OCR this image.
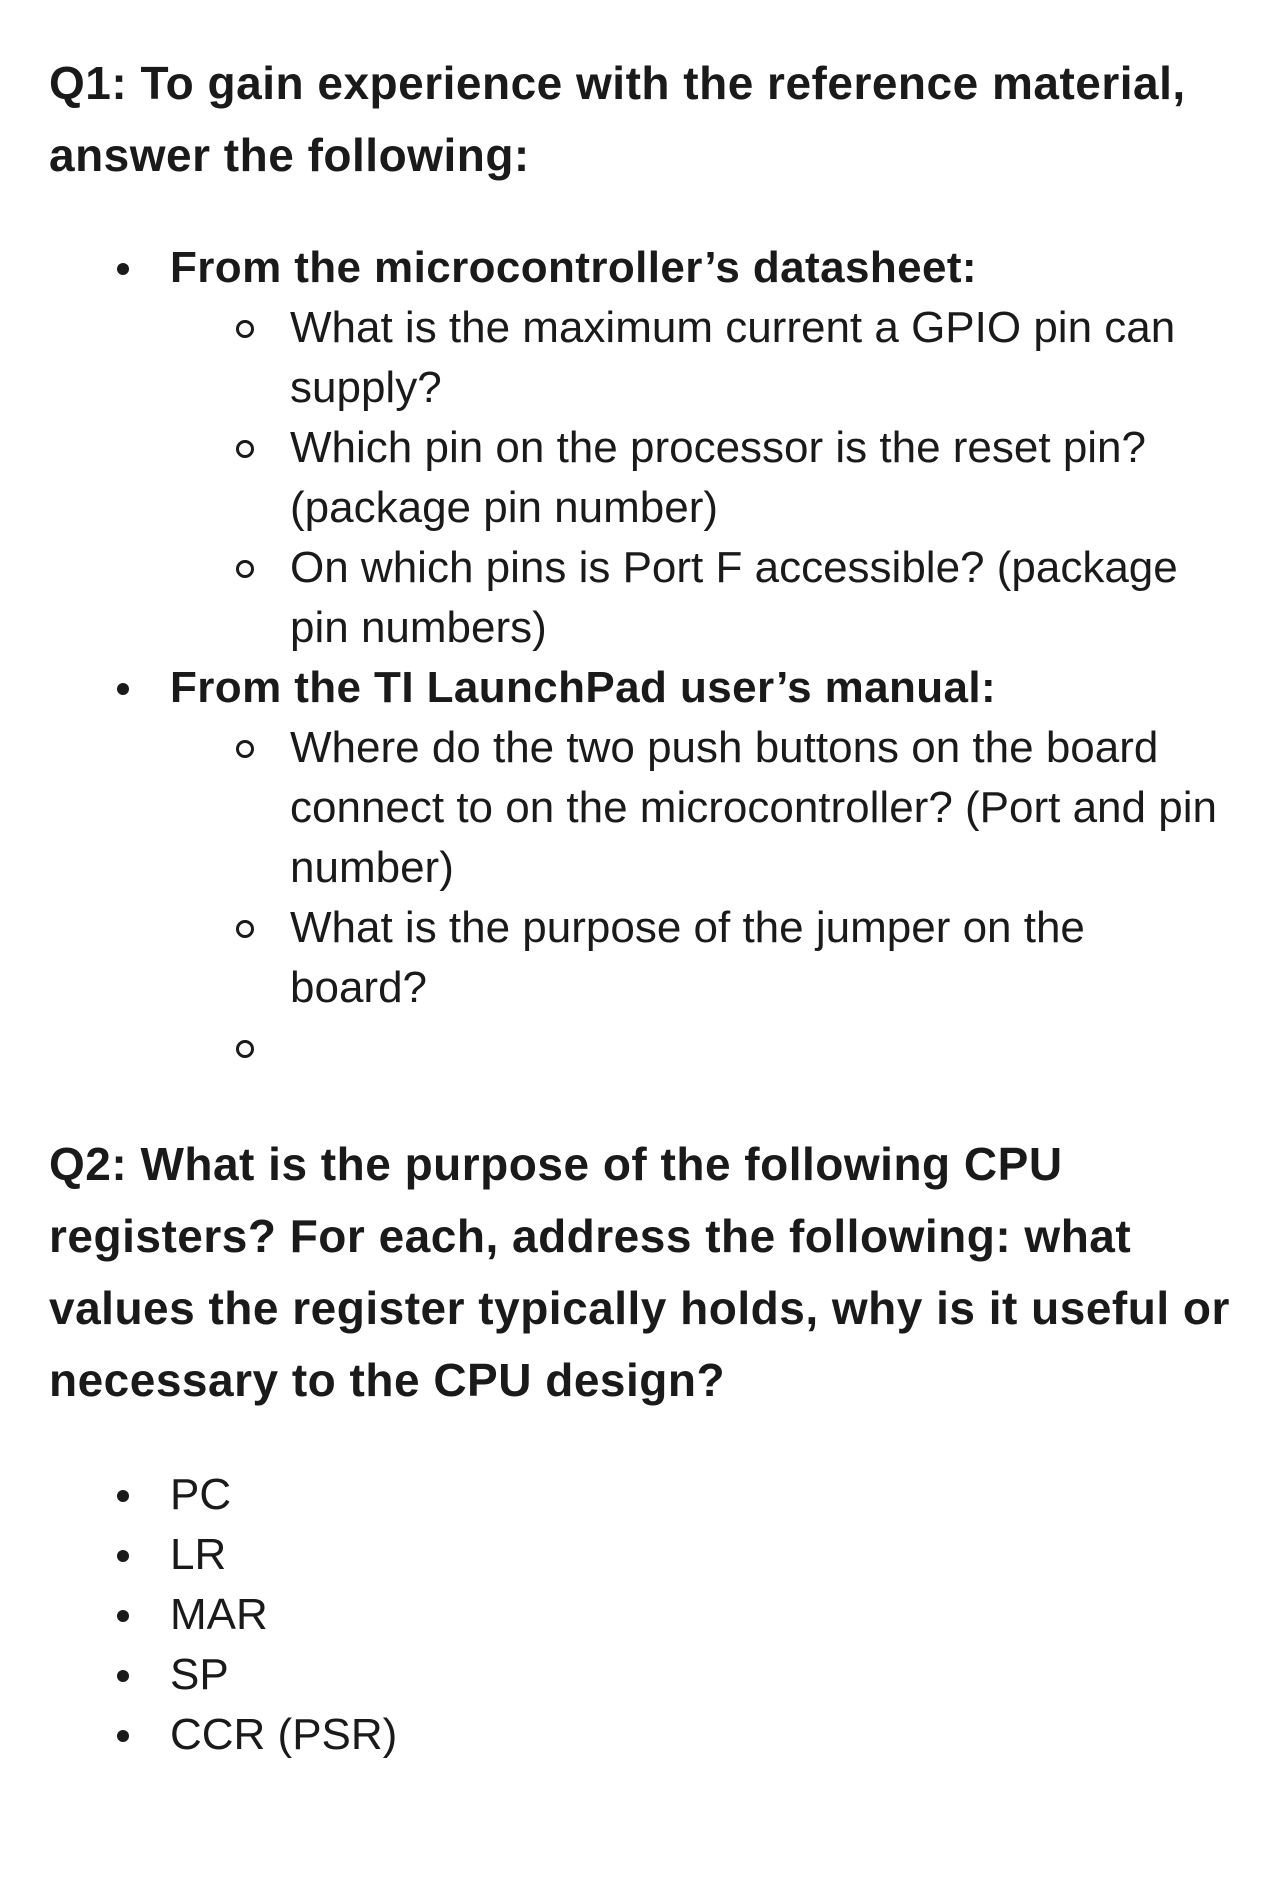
Q1: To gain experience with the reference material, answer the following:
From the microcontroller’s datasheet:
What is the maximum current a GPIO pin can supply?
Which pin on the processor is the reset pin? (package pin number)
On which pins is Port F accessible? (package pin numbers)
From the TI LaunchPad user’s manual:
Where do the two push buttons on the board connect to on the microcontroller? (Port and pin number)
What is the purpose of the jumper on the board?
Q2: What is the purpose of the following CPU registers? For each, address the following: what values the register typically holds, why is it useful or necessary to the CPU design?
PC
LR
MAR
SP
CCR (PSR)
